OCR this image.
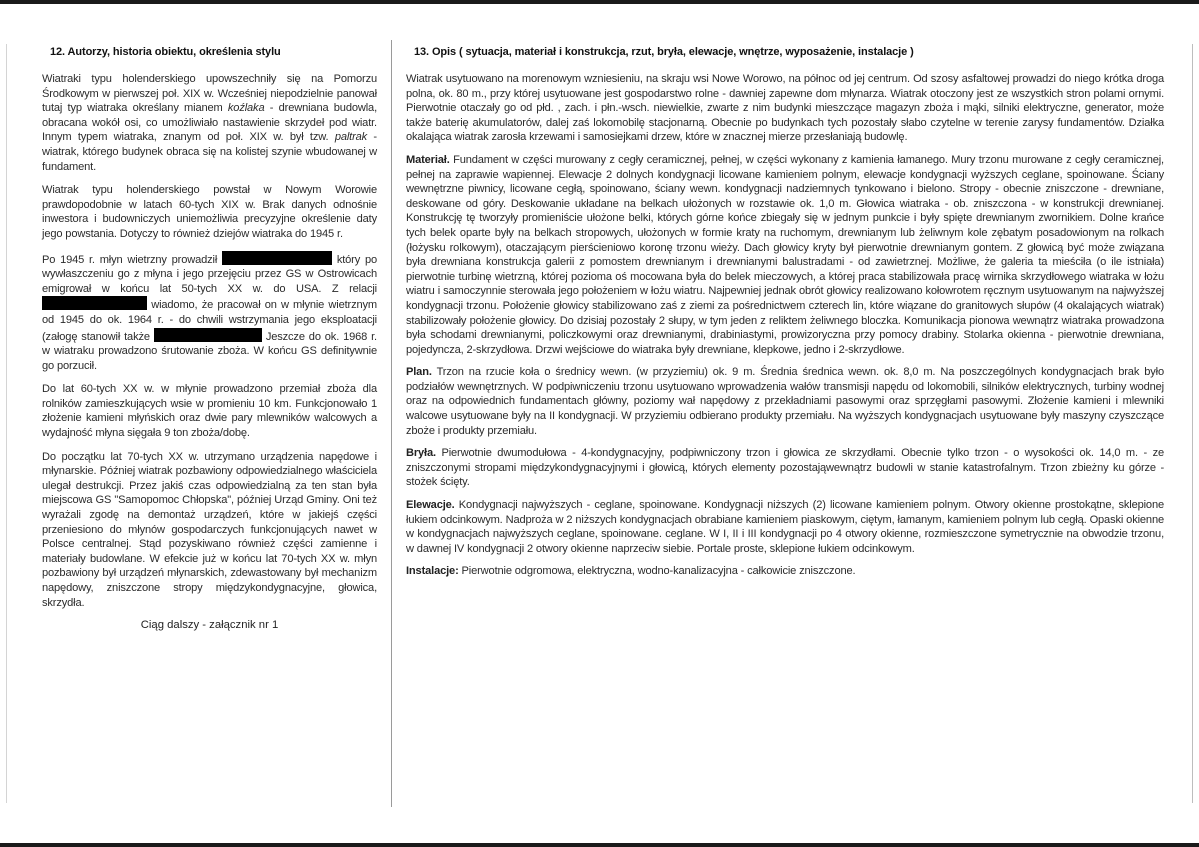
12. Autorzy, historia obiektu, określenia stylu

Wiatraki typu holenderskiego upowszechniły się na Pomorzu Środkowym w pierwszej poł. XIX w. Wcześniej niepodzielnie panował tutaj typ wiatraka określany mianem koźlaka - drewniana budowla, obracana wokół osi, co umożliwiało nastawienie skrzydeł pod wiatr. Innym typem wiatraka, znanym od poł. XIX w. był tzw. paltrak - wiatrak, którego budynek obraca się na kolistej szynie wbudowanej w fundament.

Wiatrak typu holenderskiego powstał w Nowym Worowie prawdopodobnie w latach 60-tych XIX w. Brak danych odnośnie inwestora i budowniczych uniemożliwia precyzyjne określenie daty jego powstania. Dotyczy to również dziejów wiatraka do 1945 r.

Po 1945 r. młyn wietrzny prowadził	który po wywłaszczeniu go z młyna i jego przejęciu przez GS w Ostrowicach emigrował w końcu lat 50-tych XX w. do USA. Z relacji  wiadomo, że pracował on w młynie wietrznym od 1945 do ok. 1964 r. - do chwili wstrzymania jego eksploatacji (załogę stanowił także	Jeszcze do ok. 1968 r. w wiatraku prowadzono śrutowanie zboża. W końcu GS definitywnie go porzucił.

Do lat 60-tych XX w. w młynie prowadzono przemiał zboża dla rolników zamieszkujących wsie w promieniu 10 km. Funkcjonowało 1 złożenie kamieni młyńskich oraz dwie pary mlewników walcowych a wydajność młyna sięgała 9 ton zboża/dobę.

Do początku lat 70-tych XX w. utrzymano urządzenia napędowe i młynarskie. Później wiatrak pozbawiony odpowiedzialnego właściciela ulegał destrukcji. Przez jakiś czas odpowiedzialną za ten stan była miejscowa GS "Samopomoc Chłopska", później Urząd Gminy. Oni też wyrażali zgodę na demontaż urządzeń, które w jakiejś części przeniesiono do młynów gospodarczych funkcjonujących nawet w Polsce centralnej. Stąd pozyskiwano również części zamienne i materiały budowlane. W efekcie już w końcu lat 70-tych XX w. młyn pozbawiony był urządzeń młynarskich, zdewastowany był mechanizm napędowy, zniszczone stropy międzykondygnacyjne, głowica, skrzydła.

Ciąg dalszy - załącznik nr 1
13. Opis ( sytuacja, materiał i konstrukcja, rzut, bryła, elewacje, wnętrze, wyposażenie, instalacje )

Wiatrak usytuowano na morenowym wzniesieniu, na skraju wsi Nowe Worowo, na północ od jej centrum. Od szosy asfaltowej prowadzi do niego krótka droga polna, ok. 80 m., przy której usytuowane jest gospodarstwo rolne - dawniej zapewne dom młynarza. Wiatrak otoczony jest ze wszystkich stron polami ornymi. Pierwotnie otaczały go od płd. , zach. i płn.-wsch. niewielkie, zwarte z nim budynki mieszczące magazyn zboża i mąki, silniki elektryczne, generator, może także baterię akumulatorów, dalej zaś lokomobilę stacjonarną. Obecnie po budynkach tych pozostały słabo czytelne w terenie zarysy fundamentów. Działka okalająca wiatrak zarosła krzewami i samosiejkami drzew, które w znacznej mierze przesłaniają budowlę.

Materiał. Fundament w części murowany z cegły ceramicznej, pełnej, w części wykonany z kamienia łamanego. Mury trzonu murowane z cegły ceramicznej, pełnej na zaprawie wapiennej. Elewacje 2 dolnych kondygnacji licowane kamieniem polnym, elewacje kondygnacji wyższych ceglane, spoinowane. Ściany wewnętrzne piwnicy, licowane cegłą, spoinowano, ściany wewn. kondygnacji nadziemnych tynkowano i bielono. Stropy - obecnie zniszczone - drewniane, deskowane od góry. Deskowanie układane na belkach ułożonych w rozstawie ok. 1,0 m. Głowica wiatraka - ob. zniszczona - w konstrukcji drewnianej. Konstrukcję tę tworzyły promieniście ułożone belki, których górne końce zbiegały się w jednym punkcie i były spięte drewnianym zwornikiem. Dolne krańce tych belek oparte były na belkach stropowych, ułożonych w formie kraty na ruchomym, drewnianym lub żeliwnym kole zębatym posadowionym na rolkach (łożysku rolkowym), otaczającym pierścieniowo koronę trzonu wieży. Dach głowicy kryty był pierwotnie drewnianym gontem. Z głowicą być może związana była drewniana konstrukcja galerii z pomostem drewnianym i drewnianymi balustradami - od zawietrznej. Możliwe, że galeria ta mieściła (o ile istniała) pierwotnie turbinę wietrzną, której pozioma oś mocowana była do belek mieczowych, a której praca stabilizowała pracę wirnika skrzydłowego wiatraka w łożu wiatru i samoczynnie sterowała jego położeniem w łożu wiatru. Najpewniej jednak obrót głowicy realizowano kołowrotem ręcznym usytuowanym na najwyższej kondygnacji trzonu. Położenie głowicy stabilizowano zaś z ziemi za pośrednictwem czterech lin, które wiązane do granitowych słupów (4 okalających wiatrak) stabilizowały położenie głowicy. Do dzisiaj pozostały 2 słupy, w tym jeden z reliktem żeliwnego bloczka. Komunikacja pionowa wewnątrz wiatraka prowadzona była schodami drewnianymi, policzkowymi oraz drewnianymi, drabiniastymi, prowizoryczna przy pomocy drabiny. Stolarka okienna - pierwotnie drewniana, pojedyncza, 2-skrzydłowa. Drzwi wejściowe do wiatraka były drewniane, klepkowe, jedno i 2-skrzydłowe.

Plan. Trzon na rzucie koła o średnicy wewn. (w przyziemiu) ok. 9 m. Średnia średnica wewn. ok. 8,0 m. Na poszczególnych kondygnacjach brak było podziałów wewnętrznych. W podpiwniczeniu trzonu usytuowano wprowadzenia wałów transmisji napędu od lokomobili, silników elektrycznych, turbiny wodnej oraz na odpowiednich fundamentach główny, poziomy wał napędowy z przekładniami pasowymi oraz sprzęgłami pasowymi. Złożenie kamieni i mlewniki walcowe usytuowane były na II kondygnacji. W przyziemiu odbierano produkty przemiału. Na wyższych kondygnacjach usytuowane były maszyny czyszczące zboże i produkty przemiału.

Bryła. Pierwotnie dwumodułowa - 4-kondygnacyjny, podpiwniczony trzon i głowica ze skrzydłami. Obecnie tylko trzon - o wysokości ok. 14,0 m. - ze zniszczonymi stropami międzykondygnacyjnymi i głowicą, których elementy pozostająwewnątrz budowli w stanie katastrofalnym. Trzon zbieżny ku górze - stożek ścięty.

Elewacje. Kondygnacji najwyższych - ceglane, spoinowane. Kondygnacji niższych (2) licowane kamieniem polnym. Otwory okienne prostokątne, sklepione łukiem odcinkowym. Nadproża w 2 niższych kondygnacjach obrabiane kamieniem piaskowym, ciętym, łamanym, kamieniem polnym lub cegłą. Opaski okienne w kondygnacjach najwyższych ceglane, spoinowane. ceglane. W I, II i III kondygnacji po 4 otwory okienne, rozmieszczone symetrycznie na obwodzie trzonu, w dawnej IV kondygnacji 2 otwory okienne naprzeciw siebie. Portale proste, sklepione łukiem odcinkowym.

Instalacje: Pierwotnie odgromowa, elektryczna, wodno-kanalizacyjna - całkowicie zniszczone.
